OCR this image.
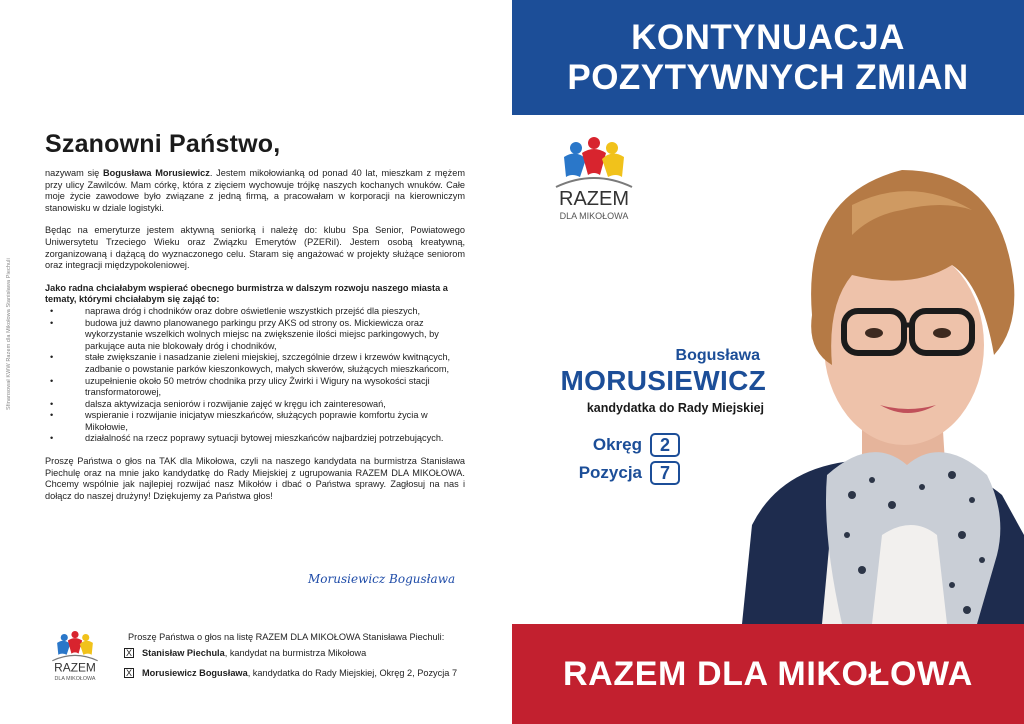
Sfinansował KWW Razem dla Mikołowa Stanisława Piechuli
Szanowni Państwo,

nazywam się Bogusława Morusiewicz. Jestem mikołowianką od ponad 40 lat, mieszkam z mężem przy ulicy Zawilców. Mam córkę, która z zięciem wychowuje trójkę naszych kochanych wnuków. Całe moje życie zawodowe było związane z jedną firmą, a pracowałam w korporacji na kierowniczym stanowisku w dziale logistyki.

Będąc na emeryturze jestem aktywną seniorką i należę do: klubu Spa Senior, Powiatowego Uniwersytetu Trzeciego Wieku oraz Związku Emerytów (PZERiI). Jestem osobą kreatywną, zorganizowaną i dążącą do wyznaczonego celu. Staram się angażować w projekty służące seniorom oraz integracji międzypokoleniowej.

Jako radna chciałabym wspierać obecnego burmistrza w dalszym rozwoju naszego miasta a tematy, którymi chciałabym się zająć to:

•	naprawa dróg i chodników oraz dobre oświetlenie wszystkich przejść dla pieszych,
•	budowa już dawno planowanego parkingu przy AKS od strony os. Mickiewicza oraz wykorzystanie wszelkich wolnych miejsc na zwiększenie ilości miejsc parkingowych, by parkujące auta nie blokowały dróg i chodników,
•	stałe zwiększanie i nasadzanie zieleni miejskiej, szczególnie drzew i krzewów kwitnących, zadbanie o powstanie parków kieszonkowych, małych skwerów, służących mieszkańcom,
•	uzupełnienie około 50 metrów chodnika przy ulicy Żwirki i Wigury na wysokości stacji transformatorowej,
•	dalsza aktywizacja seniorów i rozwijanie zajęć w kręgu ich zainteresowań,
•	wspieranie i rozwijanie inicjatyw mieszkańców, służących poprawie komfortu życia w Mikołowie,
•	działalność na rzecz poprawy sytuacji bytowej mieszkańców najbardziej potrzebujących.

Proszę Państwa o głos na TAK dla Mikołowa, czyli na naszego kandydata na burmistrza Stanisława Piechulę oraz na mnie jako kandydatkę do Rady Miejskiej z ugrupowania RAZEM DLA MIKOŁOWA. Chcemy wspólnie jak najlepiej rozwijać nasz Mikołów i dbać o Państwa sprawy. Zagłosuj na nas i dołącz do naszej drużyny! Dziękujemy za Państwa głos!

Morusiewicz Bogusława
RAZEM
DLA MIKOŁOWA
Proszę Państwa o głos na listę RAZEM DLA MIKOŁOWA Stanisława Piechuli:
X Stanisław Piechula , kandydat na burmistrza Mikołowa
X Morusiewicz Bogusława , kandydatka do Rady Miejskiej, Okręg 2, Pozycja 7
KONTYNUACJA
POZYTYWNYCH ZMIAN
RAZEM
DLA MIKOŁOWA
Bogusława
MORUSIEWICZ
kandydatka do Rady Miejskiej
Okręg 2
Pozycja 7
RAZEM DLA MIKOŁOWA
